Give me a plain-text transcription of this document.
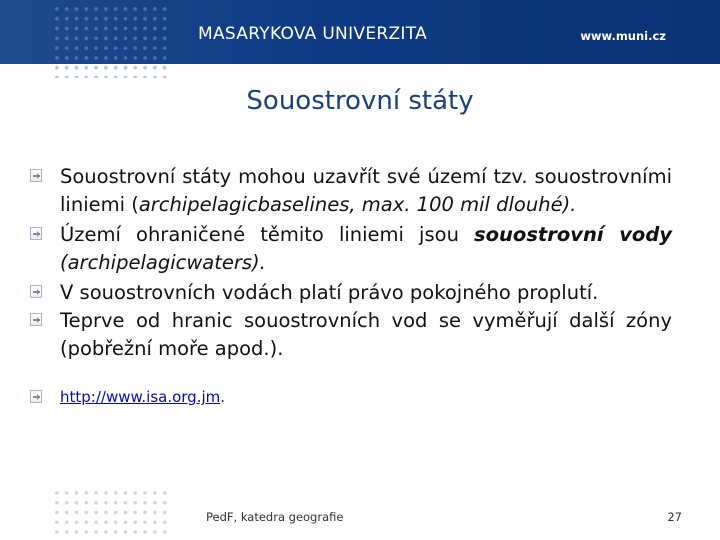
MASARYKOVA UNIVERZITA	www.muni.cz
Souostrovní státy
Souostrovní státy mohou uzavřít své území tzv. souostrovními liniemi (archipelagicbaselines, max. 100 mil dlouhé).
Území ohraničené těmito liniemi jsou souostrovní vody (archipelagicwaters).
V souostrovních vodách platí právo pokojného proplutí.
Teprve od hranic souostrovních vod se vyměřují další zóny (pobřežní moře apod.).
http://www.isa.org.jm.
PedF, katedra geografie	27
